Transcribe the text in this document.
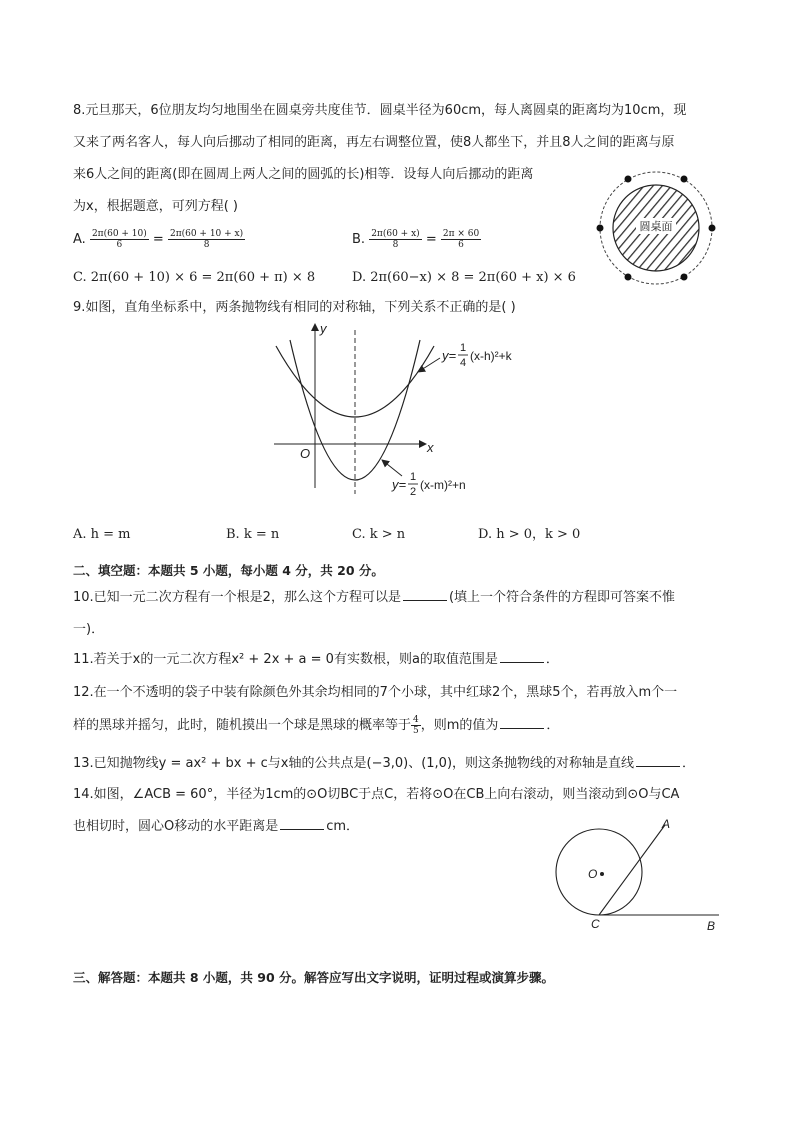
8.元旦那天，6位朋友均匀地围坐在圆桌旁共度佳节．圆桌半径为60cm，每人离圆桌的距离均为10cm，现
又来了两名客人，每人向后挪动了相同的距离，再左右调整位置，使8人都坐下，并且8人之间的距离与原
来6人之间的距离(即在圆周上两人之间的圆弧的长)相等．设每人向后挪动的距离
为x，根据题意，可列方程( )
A. $\frac{2\pi(60 + 10)}{6} = \frac{2\pi(60 + 10 + x)}{8}$	B. $\frac{2\pi(60 + x)}{8} = \frac{2\pi \times 60}{6}$
C. 2π(60 + 10) × 6 = 2π(60 + π) × 8	D. 2π(60−x) × 8 = 2π(60 + x) × 6
圆桌面
9.如图，直角坐标系中，两条抛物线有相同的对称轴，下列关系不正确的是( )
x
y
O
y= 1
4 (x-h)²+k
y= 1
2 (x-m)²+n
A. h = m	B. k = n	C. k > n	D. h > 0，k > 0
二、填空题：本题共 5 小题，每小题 4 分，共 20 分。
10.已知一元二次方程有一个根是2，那么这个方程可以是	(填上一个符合条件的方程即可答案不惟
一)．
11.若关于x的一元二次方程x² + 2x + a = 0有实数根，则a的取值范围是	．
12.在一个不透明的袋子中装有除颜色外其余均相同的7个小球，其中红球2个，黑球5个，若再放入m个一
样的黑球并摇匀，此时，随机摸出一个球是黑球的概率等于 $\frac{4}{5}$ ，则m的值为	．
13.已知抛物线y = ax² + bx + c与x轴的公共点是(−3,0)、(1,0)，则这条抛物线的对称轴是直线	．
14.如图，∠ACB = 60°，半径为1cm的⊙O切BC于点C，若将⊙O在CB上向右滚动，则当滚动到⊙O与CA
也相切时，圆心O移动的水平距离是	cm．
O
C	B
A
三、解答题：本题共 8 小题，共 90 分。解答应写出文字说明，证明过程或演算步骤。
